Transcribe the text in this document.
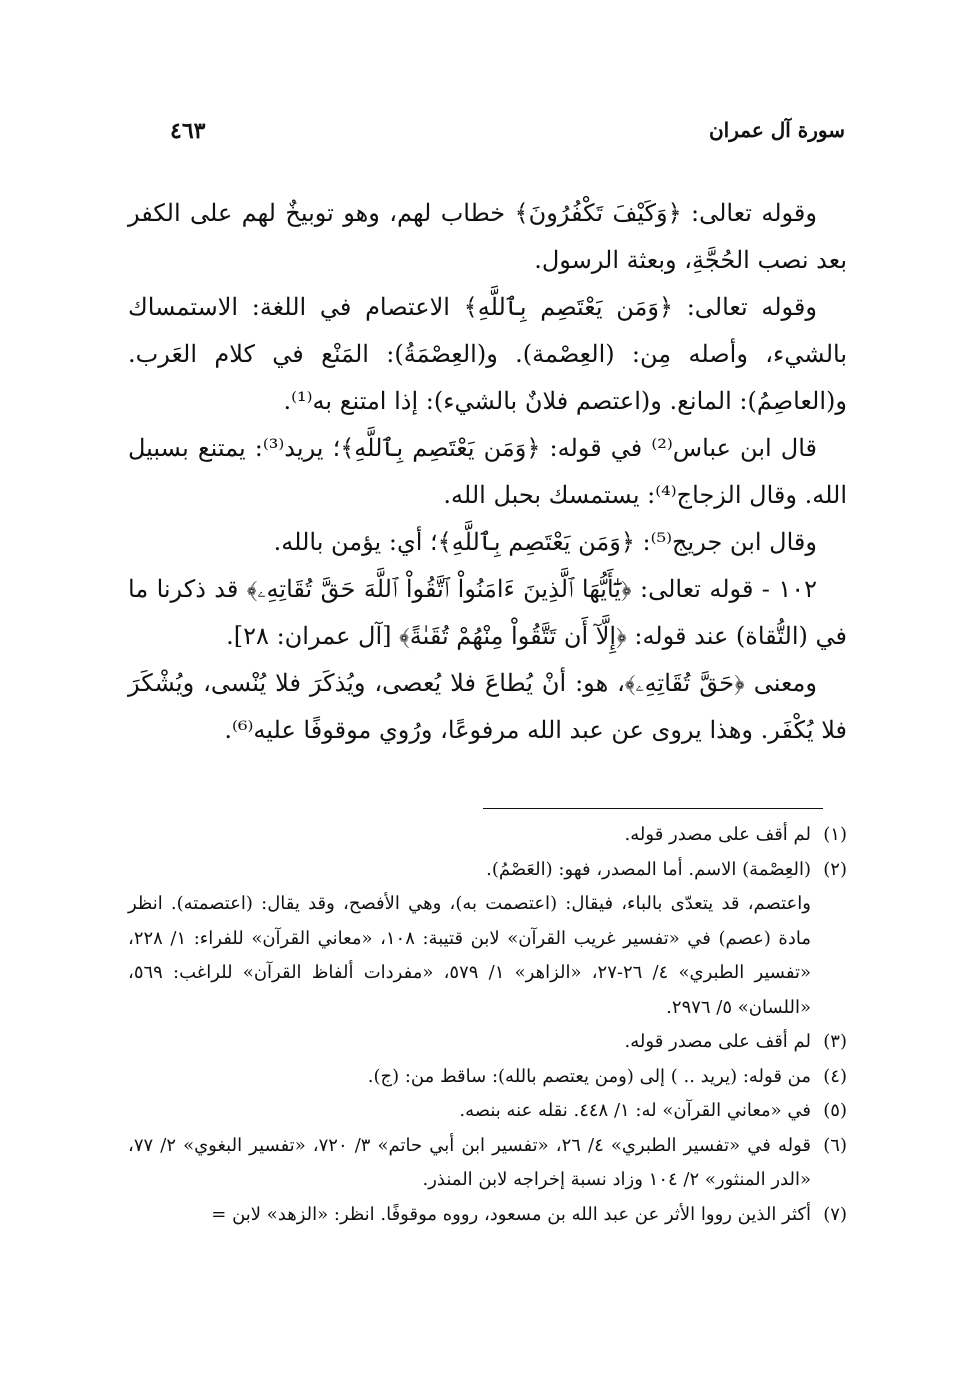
سورة آل عمران
٤٦٣

وقوله تعالى: ﴿وَكَيْفَ تَكْفُرُونَ﴾ خطاب لهم، وهو توبيخٌ لهم على الكفر بعد نصب الحُجَّةِ، وبعثة الرسول.

وقوله تعالى: ﴿وَمَن يَعْتَصِم بِٱللَّهِ﴾ الاعتصام في اللغة: الاستمساك بالشيء، وأصله مِن: (العِصْمة). و(العِصْمَةُ): المَنْع في كلام العَرب. و(العاصِمُ): المانع. و(اعتصم فلانٌ بالشيء): إذا امتنع به⁽¹⁾.

قال ابن عباس⁽²⁾ في قوله: ﴿وَمَن يَعْتَصِم بِٱللَّهِ﴾؛ يريد⁽³⁾: يمتنع بسبيل الله. وقال الزجاج⁽⁴⁾: يستمسك بحبل الله.

وقال ابن جريج⁽⁵⁾: ﴿وَمَن يَعْتَصِم بِٱللَّهِ﴾؛ أي: يؤمن بالله.

١٠٢ - قوله تعالى: ﴿يَٰٓأَيُّهَا ٱلَّذِينَ ءَامَنُواْ ٱتَّقُواْ ٱللَّهَ حَقَّ تُقَاتِهِۦ﴾ قد ذكرنا ما في (التُّقاة) عند قوله: ﴿إِلَّآ أَن تَتَّقُواْ مِنْهُمْ تُقَىٰةً﴾ [آل عمران: ٢٨].

ومعنى ﴿حَقَّ تُقَاتِهِۦ﴾، هو: أنْ يُطاعَ فلا يُعصى، ويُذكَرَ فلا يُنْسى، ويُشْكَرَ فلا يُكْفَر. وهذا يروى عن عبد الله مرفوعًا، ورُوي موقوفًا عليه⁽⁶⁾.

(١)
لم أقف على مصدر قوله.
(٢)
(العِصْمة) الاسم. أما المصدر، فهو: (العَصْمُ).
واعتصم، قد يتعدّى بالباء، فيقال: (اعتصمت به)، وهي الأفصح، وقد يقال: (اعتصمته). انظر مادة (عصم) في «تفسير غريب القرآن» لابن قتيبة: ١٠٨، «معاني القرآن» للفراء: ١/ ٢٢٨، «تفسير الطبري» ٤/ ٢٦-٢٧، «الزاهر» ١/ ٥٧٩، «مفردات ألفاظ القرآن» للراغب: ٥٦٩، «اللسان» ٥/ ٢٩٧٦.
(٣)
لم أقف على مصدر قوله.
(٤)
من قوله: (يريد .. ) إلى (ومن يعتصم بالله): ساقط من: (ج).
(٥)
في «معاني القرآن» له: ١/ ٤٤٨. نقله عنه بنصه.
(٦)
قوله في «تفسير الطبري» ٤/ ٢٦، «تفسير ابن أبي حاتم» ٣/ ٧٢٠، «تفسير البغوي» ٢/ ٧٧، «الدر المنثور» ٢/ ١٠٤ وزاد نسبة إخراجه لابن المنذر.
(٧)
أكثر الذين رووا الأثر عن عبد الله بن مسعود، رووه موقوفًا. انظر: «الزهد» لابن =
